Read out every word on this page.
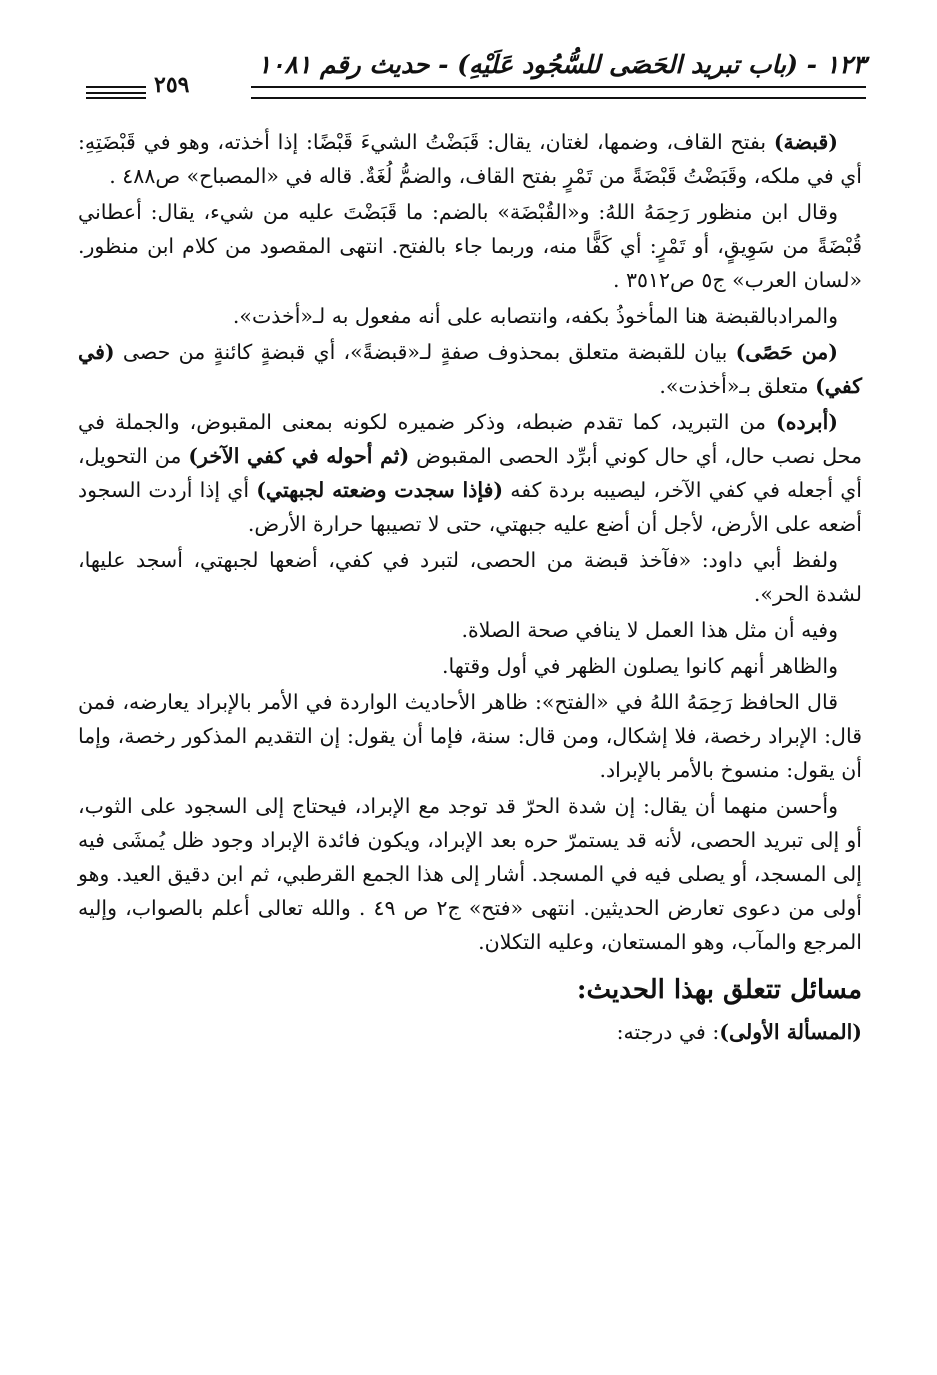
١٢٣ - (باب تبريد الحَصَى للسُّجُود عَلَيْهِ) - حديث رقم ١٠٨١
٢٥٩
(قبضة) بفتح القاف، وضمها، لغتان، يقال: قَبَضْتُ الشيءَ قَبْضًا: إذا أخذته، وهو في قَبْضَتِهِ: أي في ملكه، وقَبَضْتُ قَبْضَةً من تَمْرٍ بفتح القاف، والضمُّ لُغَةٌ. قاله في «المصباح» ص٤٨٨ .
وقال ابن منظور رَحِمَهُ اللهُ: و«القُبْضَة» بالضم: ما قَبَضْتَ عليه من شيء، يقال: أعطاني قُبْضَةً من سَوِيقٍ، أو تَمْرٍ: أي كَفًّا منه، وربما جاء بالفتح. انتهى المقصود من كلام ابن منظور. «لسان العرب» ج٥ ص٣٥١٢ .
والمرادبالقبضة هنا المأخوذُ بكفه، وانتصابه على أنه مفعول به لـ«أخذت».
(من حَصًى) بيان للقبضة متعلق بمحذوف صفةٍ لـ«قبضةً»، أي قبضةٍ كائنةٍ من حصى (في كفي) متعلق بـ«أخذت».
(أبرده) من التبريد، كما تقدم ضبطه، وذكر ضميره لكونه بمعنى المقبوض، والجملة في محل نصب حال، أي حال كوني أبرِّد الحصى المقبوض (ثم أحوله في كفي الآخر) من التحويل، أي أجعله في كفي الآخر، ليصيبه بردة كفه (فإذا سجدت وضعته لجبهتي) أي إذا أردت السجود أضعه على الأرض، لأجل أن أضع عليه جبهتي، حتى لا تصيبها حرارة الأرض.
ولفظ أبي داود: «فآخذ قبضة من الحصى، لتبرد في كفي، أضعها لجبهتي، أسجد عليها، لشدة الحر».
وفيه أن مثل هذا العمل لا ينافي صحة الصلاة.
والظاهر أنهم كانوا يصلون الظهر في أول وقتها.
قال الحافظ رَحِمَهُ اللهُ في «الفتح»: ظاهر الأحاديث الواردة في الأمر بالإبراد يعارضه، فمن قال: الإبراد رخصة، فلا إشكال، ومن قال: سنة، فإما أن يقول: إن التقديم المذكور رخصة، وإما أن يقول: منسوخ بالأمر بالإبراد.
وأحسن منهما أن يقال: إن شدة الحرّ قد توجد مع الإبراد، فيحتاج إلى السجود على الثوب، أو إلى تبريد الحصى، لأنه قد يستمرّ حره بعد الإبراد، ويكون فائدة الإبراد وجود ظل يُمشَى فيه إلى المسجد، أو يصلى فيه في المسجد. أشار إلى هذا الجمع القرطبي، ثم ابن دقيق العيد. وهو أولى من دعوى تعارض الحديثين. انتهى «فتح» ج٢ ص ٤٩ . والله تعالى أعلم بالصواب، وإليه المرجع والمآب، وهو المستعان، وعليه التكلان.
مسائل تتعلق بهذا الحديث:
(المسألة الأولى): في درجته:
